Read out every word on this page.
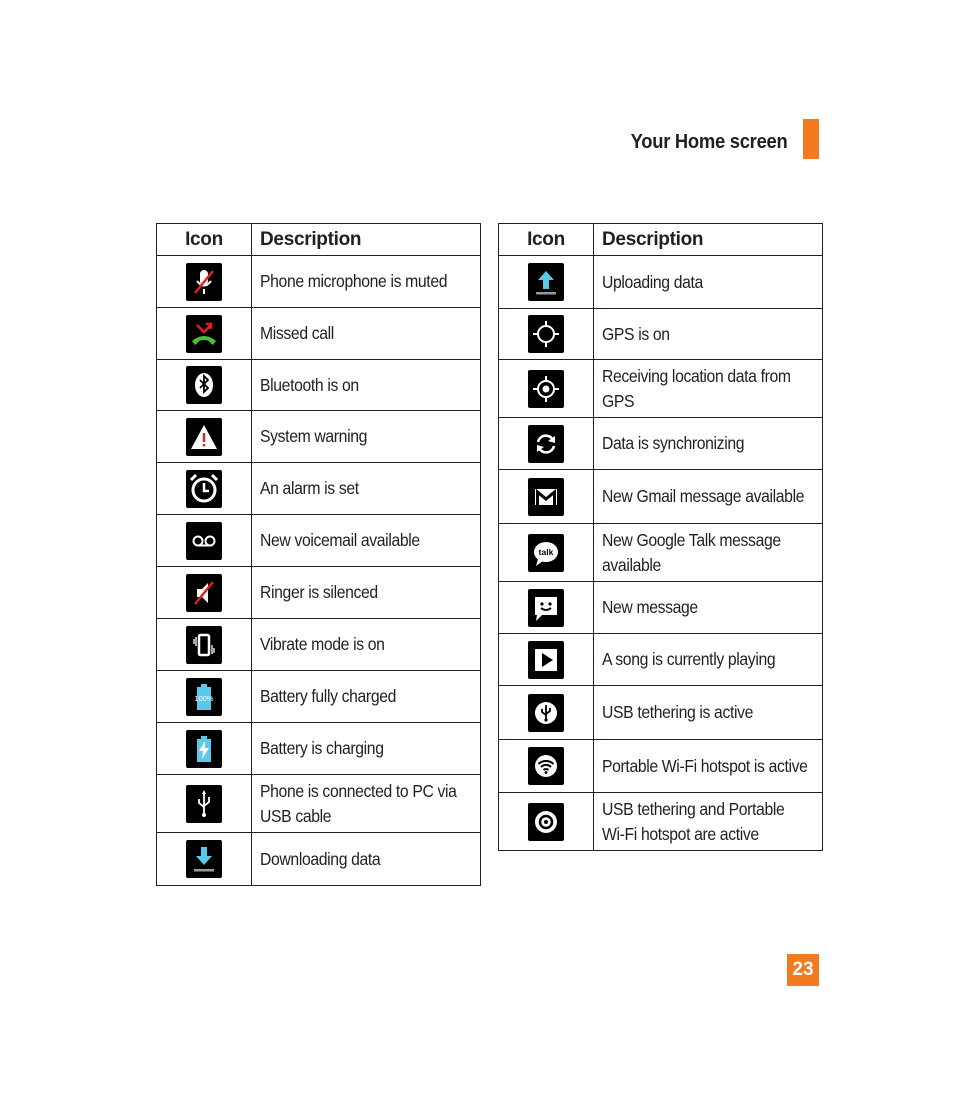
Your Home screen
Icon	Description

	Phone microphone is muted

	Missed call

	Bluetooth is on

	System warning

	An alarm is set

	New voicemail available

	Ringer is silenced

	Vibrate mode is on

100%	Battery fully charged

	Battery is charging

	Phone is connected to PC via USB cable

	Downloading data
Icon	Description

	Uploading data

	GPS is on

	Receiving location data from GPS

	Data is synchronizing

	New Gmail message available

talk	New Google Talk message available

	New message

	A song is currently playing

	USB tethering is active

	Portable Wi-Fi hotspot is active

	USB tethering and Portable Wi-Fi hotspot are active
23
